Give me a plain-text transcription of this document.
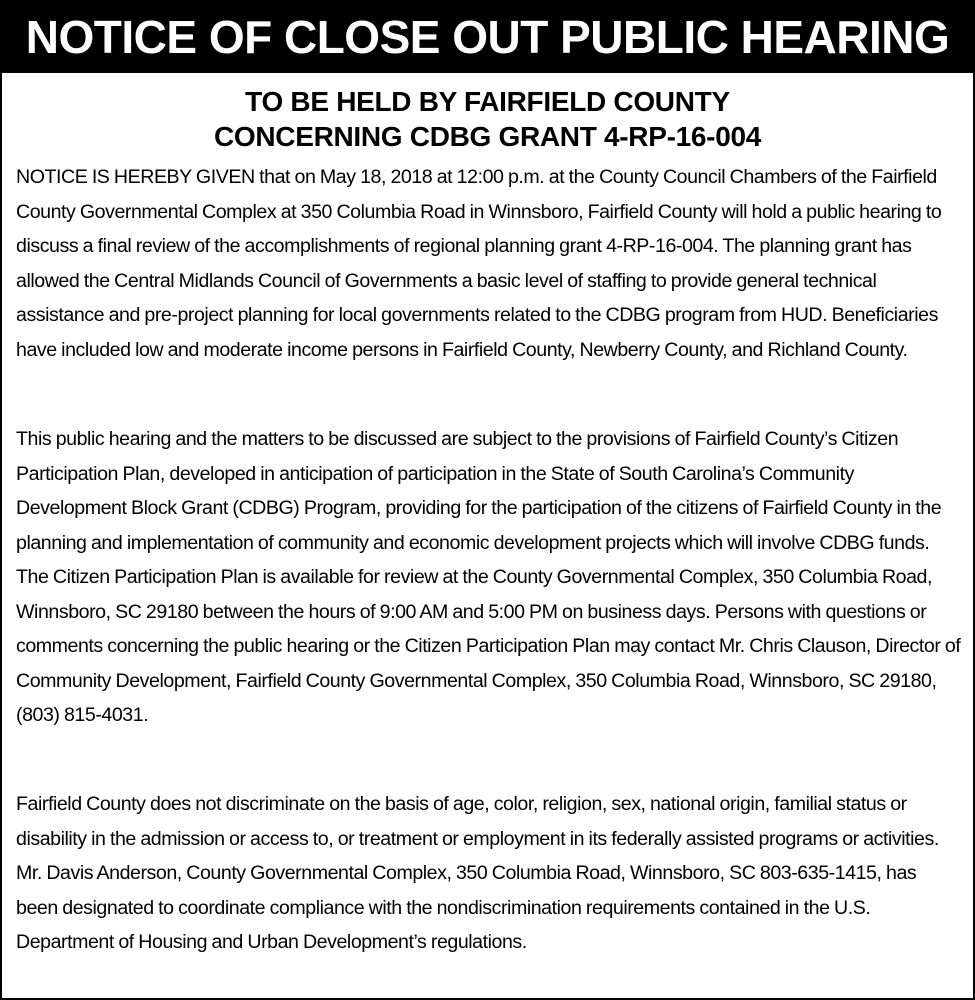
NOTICE OF CLOSE OUT PUBLIC HEARING
TO BE HELD BY FAIRFIELD COUNTY
CONCERNING CDBG GRANT 4-RP-16-004

NOTICE IS HEREBY GIVEN that on May 18, 2018 at 12:00 p.m. at the County Council Chambers of the Fairfield County Governmental Complex at 350 Columbia Road in Winnsboro, Fairfield County will hold a public hearing to discuss a final review of the accomplishments of regional planning grant 4-RP-16-004. The planning grant has allowed the Central Midlands Council of Governments a basic level of staffing to provide general technical assistance and pre-project planning for local governments related to the CDBG program from HUD. Beneficiaries have included low and moderate income persons in Fairfield County, Newberry County, and Richland County.

This public hearing and the matters to be discussed are subject to the provisions of Fairfield County’s Citizen Participation Plan, developed in anticipation of participation in the State of South Carolina’s Community Development Block Grant (CDBG) Program, providing for the participation of the citizens of Fairfield County in the planning and implementation of community and economic development projects which will involve CDBG funds. The Citizen Participation Plan is available for review at the County Governmental Complex, 350 Columbia Road, Winnsboro, SC 29180 between the hours of 9:00 AM and 5:00 PM on business days. Persons with questions or comments concerning the public hearing or the Citizen Participation Plan may contact Mr. Chris Clauson, Director of Community Development, Fairfield County Governmental Complex, 350 Columbia Road, Winnsboro, SC 29180, (803) 815-4031.

Fairfield County does not discriminate on the basis of age, color, religion, sex, national origin, familial status or disability in the admission or access to, or treatment or employment in its federally assisted programs or activities. Mr. Davis Anderson, County Governmental Complex, 350 Columbia Road, Winnsboro, SC 803-635-1415, has been designated to coordinate compliance with the nondiscrimination requirements contained in the U.S. Department of Housing and Urban Development’s regulations.
